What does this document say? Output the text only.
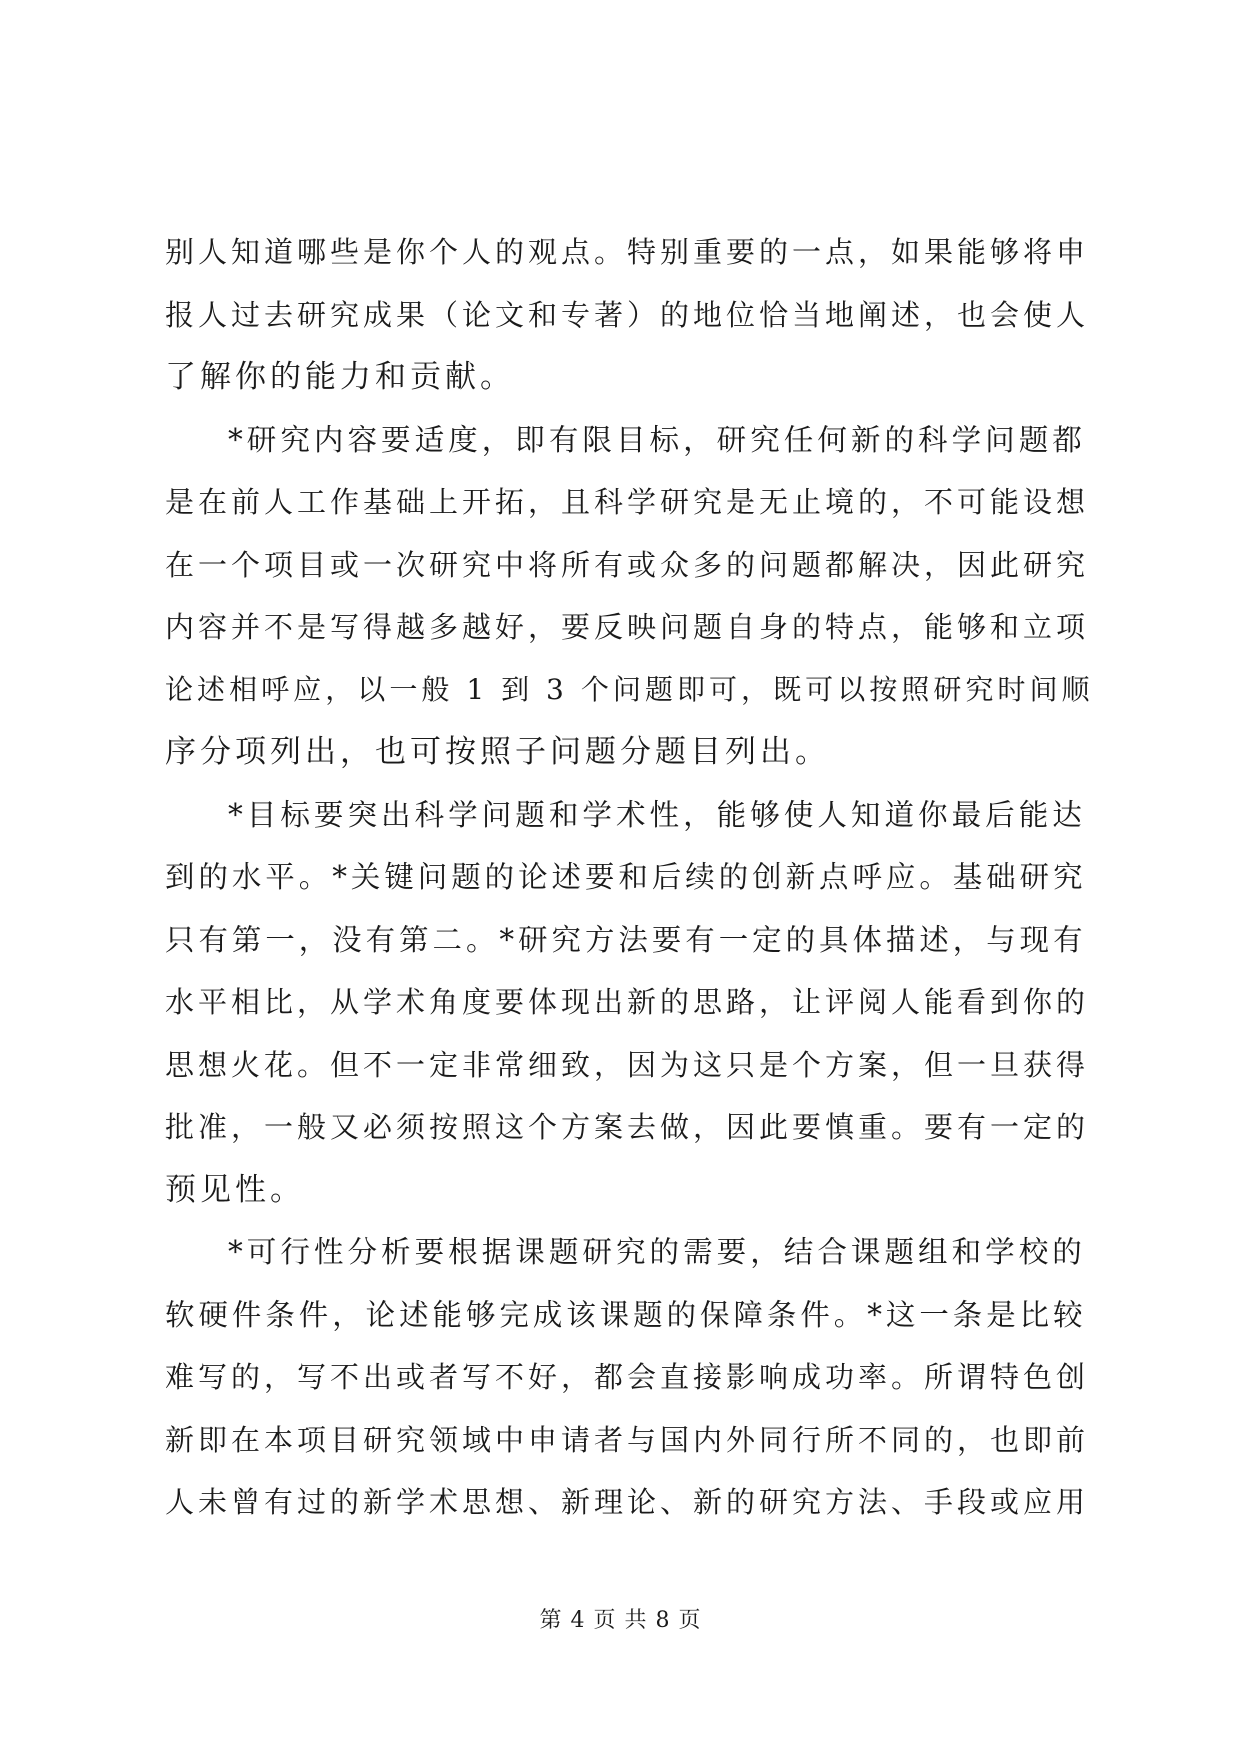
别人知道哪些是你个人的观点。特别重要的一点，如果能够将申
报人过去研究成果（论文和专著）的地位恰当地阐述，也会使人
了解你的能力和贡献。
*研究内容要适度，即有限目标，研究任何新的科学问题都
是在前人工作基础上开拓，且科学研究是无止境的，不可能设想
在一个项目或一次研究中将所有或众多的问题都解决，因此研究
内容并不是写得越多越好，要反映问题自身的特点，能够和立项
论述相呼应，以一般 1 到 3 个问题即可，既可以按照研究时间顺
序分项列出，也可按照子问题分题目列出。
*目标要突出科学问题和学术性，能够使人知道你最后能达
到的水平。*关键问题的论述要和后续的创新点呼应。基础研究
只有第一，没有第二。*研究方法要有一定的具体描述，与现有
水平相比，从学术角度要体现出新的思路，让评阅人能看到你的
思想火花。但不一定非常细致，因为这只是个方案，但一旦获得
批准，一般又必须按照这个方案去做，因此要慎重。要有一定的
预见性。
*可行性分析要根据课题研究的需要，结合课题组和学校的
软硬件条件，论述能够完成该课题的保障条件。*这一条是比较
难写的，写不出或者写不好，都会直接影响成功率。所谓特色创
新即在本项目研究领域中申请者与国内外同行所不同的，也即前
人未曾有过的新学术思想、新理论、新的研究方法、手段或应用
第 4 页 共 8 页
